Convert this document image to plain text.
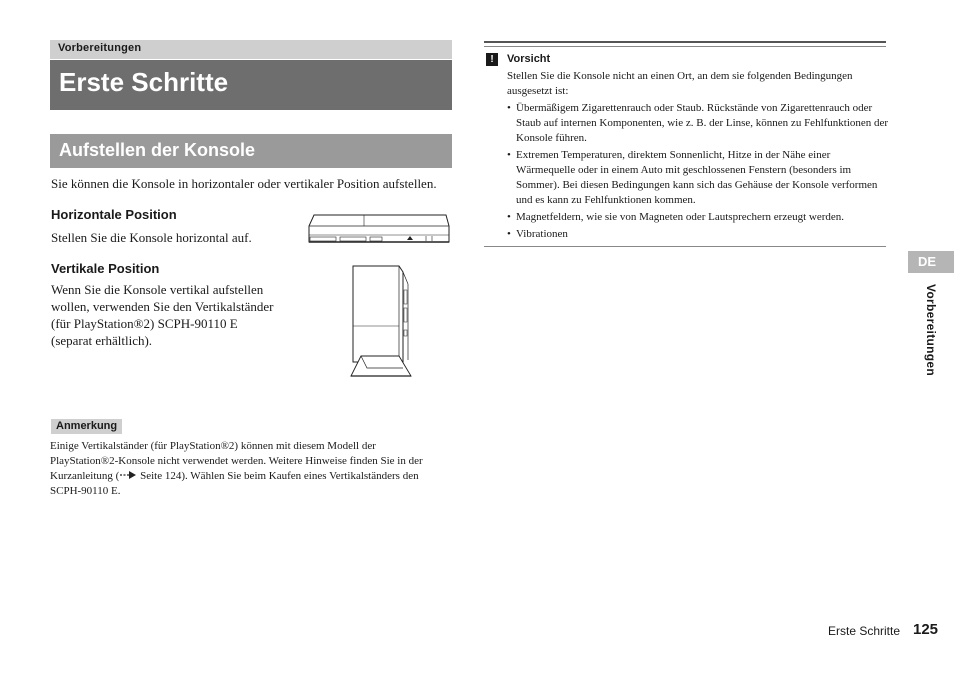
Vorbereitungen
Erste Schritte
Aufstellen der Konsole
Sie können die Konsole in horizontaler oder vertikaler Position aufstellen.
Horizontale Position
Stellen Sie die Konsole horizontal auf.
Vertikale Position
Wenn Sie die Konsole vertikal aufstellen
wollen, verwenden Sie den Vertikalständer
(für PlayStation®2) SCPH-90110 E
(separat erhältlich).
Anmerkung
Einige Vertikalständer (für PlayStation®2) können mit diesem Modell der
PlayStation®2-Konsole nicht verwendet werden. Weitere Hinweise finden Sie in der
Kurzanleitung ( Seite 124). Wählen Sie beim Kaufen eines Vertikalständers den
SCPH-90110 E.
!	Vorsicht
Stellen Sie die Konsole nicht an einen Ort, an dem sie folgenden Bedingungen ausgesetzt ist:
• Übermäßigem Zigarettenrauch oder Staub. Rückstände von Zigarettenrauch oder Staub auf internen Komponenten, wie z. B. der Linse, können zu Fehlfunktionen der Konsole führen.
• Extremen Temperaturen, direktem Sonnenlicht, Hitze in der Nähe einer Wärmequelle oder in einem Auto mit geschlossenen Fenstern (besonders im Sommer). Bei diesen Bedingungen kann sich das Gehäuse der Konsole verformen und es kann zu Fehlfunktionen kommen.
• Magnetfeldern, wie sie von Magneten oder Lautsprechern erzeugt werden.
• Vibrationen
DE
Vorbereitungen
Erste Schritte 125
